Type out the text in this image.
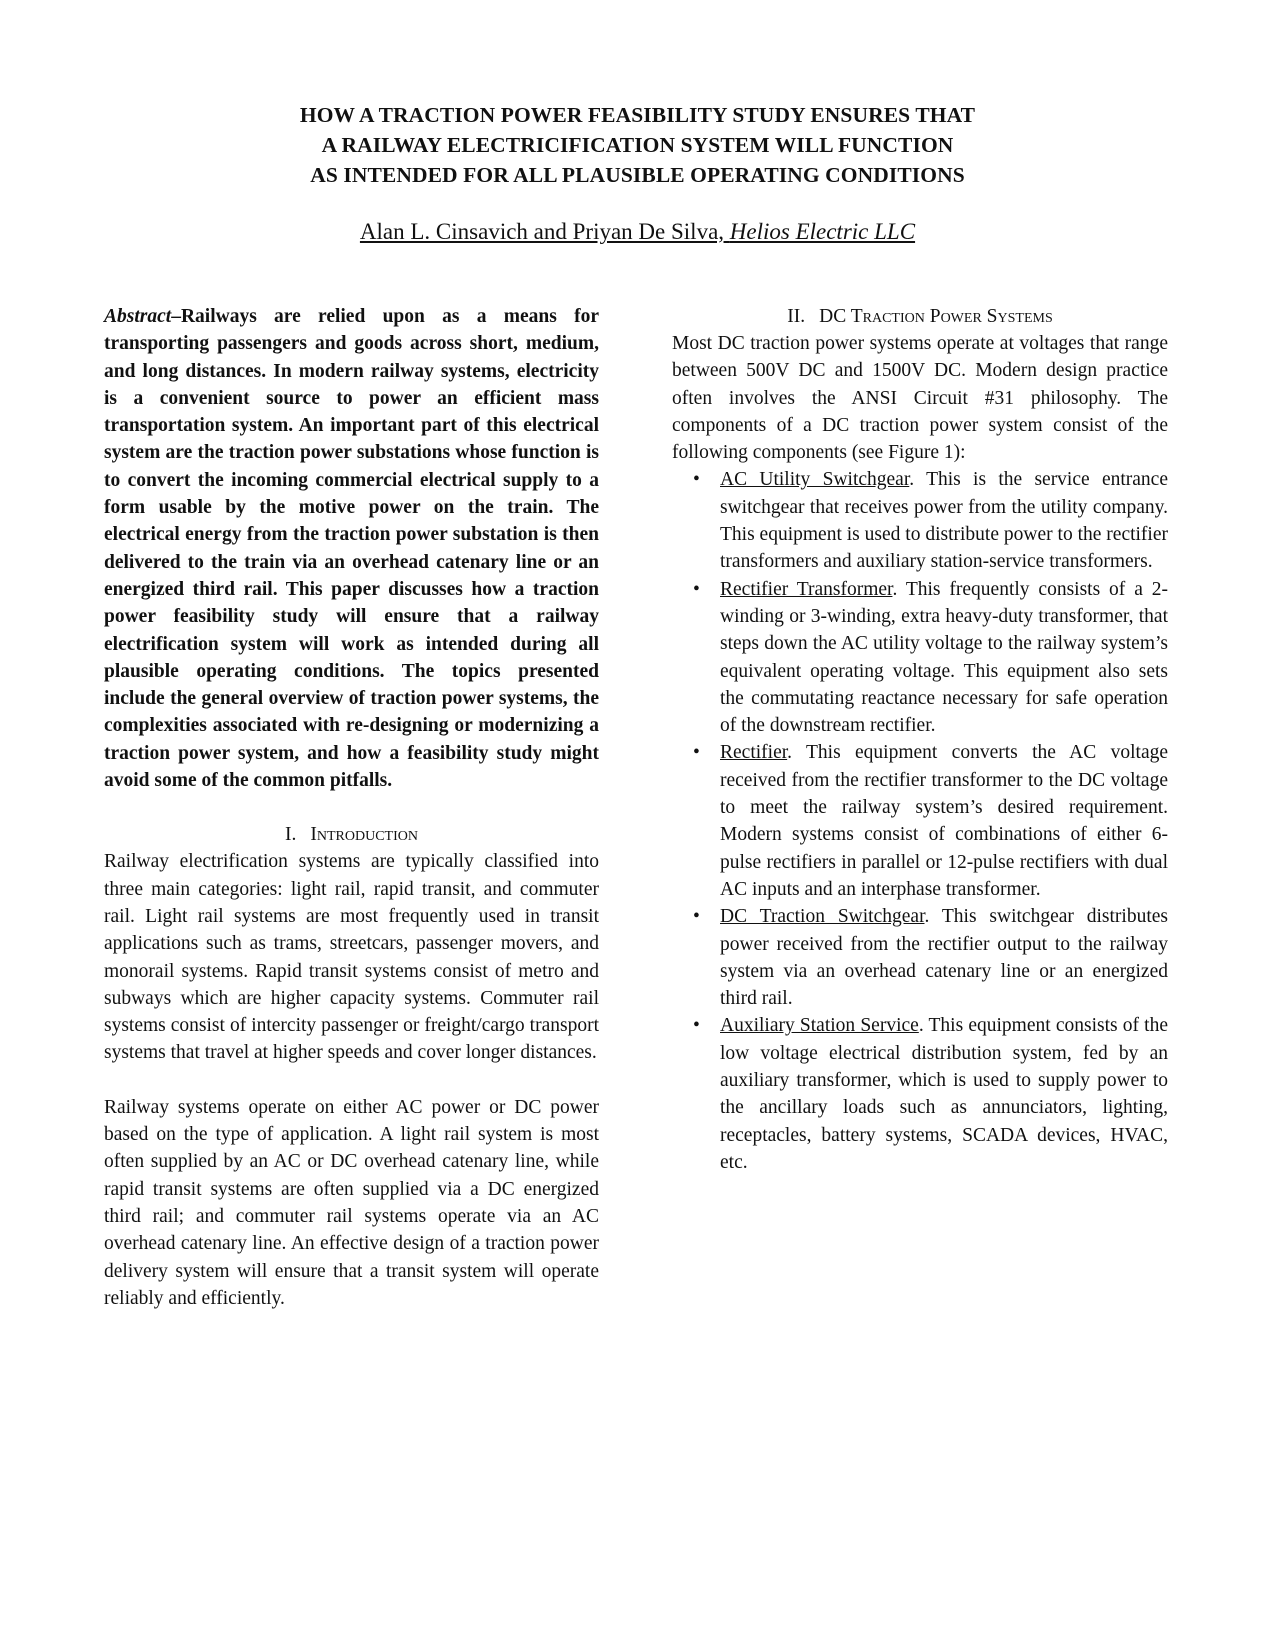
HOW A TRACTION POWER FEASIBILITY STUDY ENSURES THAT
A RAILWAY ELECTRICIFICATION SYSTEM WILL FUNCTION
AS INTENDED FOR ALL PLAUSIBLE OPERATING CONDITIONS
Alan L. Cinsavich and Priyan De Silva, Helios Electric LLC

Abstract–Railways are relied upon as a means for transporting passengers and goods across short, medium, and long distances. In modern railway systems, electricity is a convenient source to power an efficient mass transportation system. An important part of this electrical system are the traction power substations whose function is to convert the incoming commercial electrical supply to a form usable by the motive power on the train. The electrical energy from the traction power substation is then delivered to the train via an overhead catenary line or an energized third rail. This paper discusses how a traction power feasibility study will ensure that a railway electrification system will work as intended during all plausible operating conditions. The topics presented include the general overview of traction power systems, the complexities associated with re-designing or modernizing a traction power system, and how a feasibility study might avoid some of the common pitfalls.

I. Introduction

Railway electrification systems are typically classified into three main categories: light rail, rapid transit, and commuter rail. Light rail systems are most frequently used in transit applications such as trams, streetcars, passenger movers, and monorail systems. Rapid transit systems consist of metro and subways which are higher capacity systems. Commuter rail systems consist of intercity passenger or freight/cargo transport systems that travel at higher speeds and cover longer distances.

Railway systems operate on either AC power or DC power based on the type of application. A light rail system is most often supplied by an AC or DC overhead catenary line, while rapid transit systems are often supplied via a DC energized third rail; and commuter rail systems operate via an AC overhead catenary line. An effective design of a traction power delivery system will ensure that a transit system will operate reliably and efficiently.

II. DC Traction Power Systems

Most DC traction power systems operate at voltages that range between 500V DC and 1500V DC. Modern design practice often involves the ANSI Circuit #31 philosophy. The components of a DC traction power system consist of the following components (see Figure 1):

• AC Utility Switchgear. This is the service entrance switchgear that receives power from the utility company. This equipment is used to distribute power to the rectifier transformers and auxiliary station-service transformers.
• Rectifier Transformer. This frequently consists of a 2-winding or 3-winding, extra heavy-duty transformer, that steps down the AC utility voltage to the railway system’s equivalent operating voltage. This equipment also sets the commutating reactance necessary for safe operation of the downstream rectifier.
• Rectifier. This equipment converts the AC voltage received from the rectifier transformer to the DC voltage to meet the railway system’s desired requirement. Modern systems consist of combinations of either 6-pulse rectifiers in parallel or 12-pulse rectifiers with dual AC inputs and an interphase transformer.
• DC Traction Switchgear. This switchgear distributes power received from the rectifier output to the railway system via an overhead catenary line or an energized third rail.
• Auxiliary Station Service. This equipment consists of the low voltage electrical distribution system, fed by an auxiliary transformer, which is used to supply power to the ancillary loads such as annunciators, lighting, receptacles, battery systems, SCADA devices, HVAC, etc.
